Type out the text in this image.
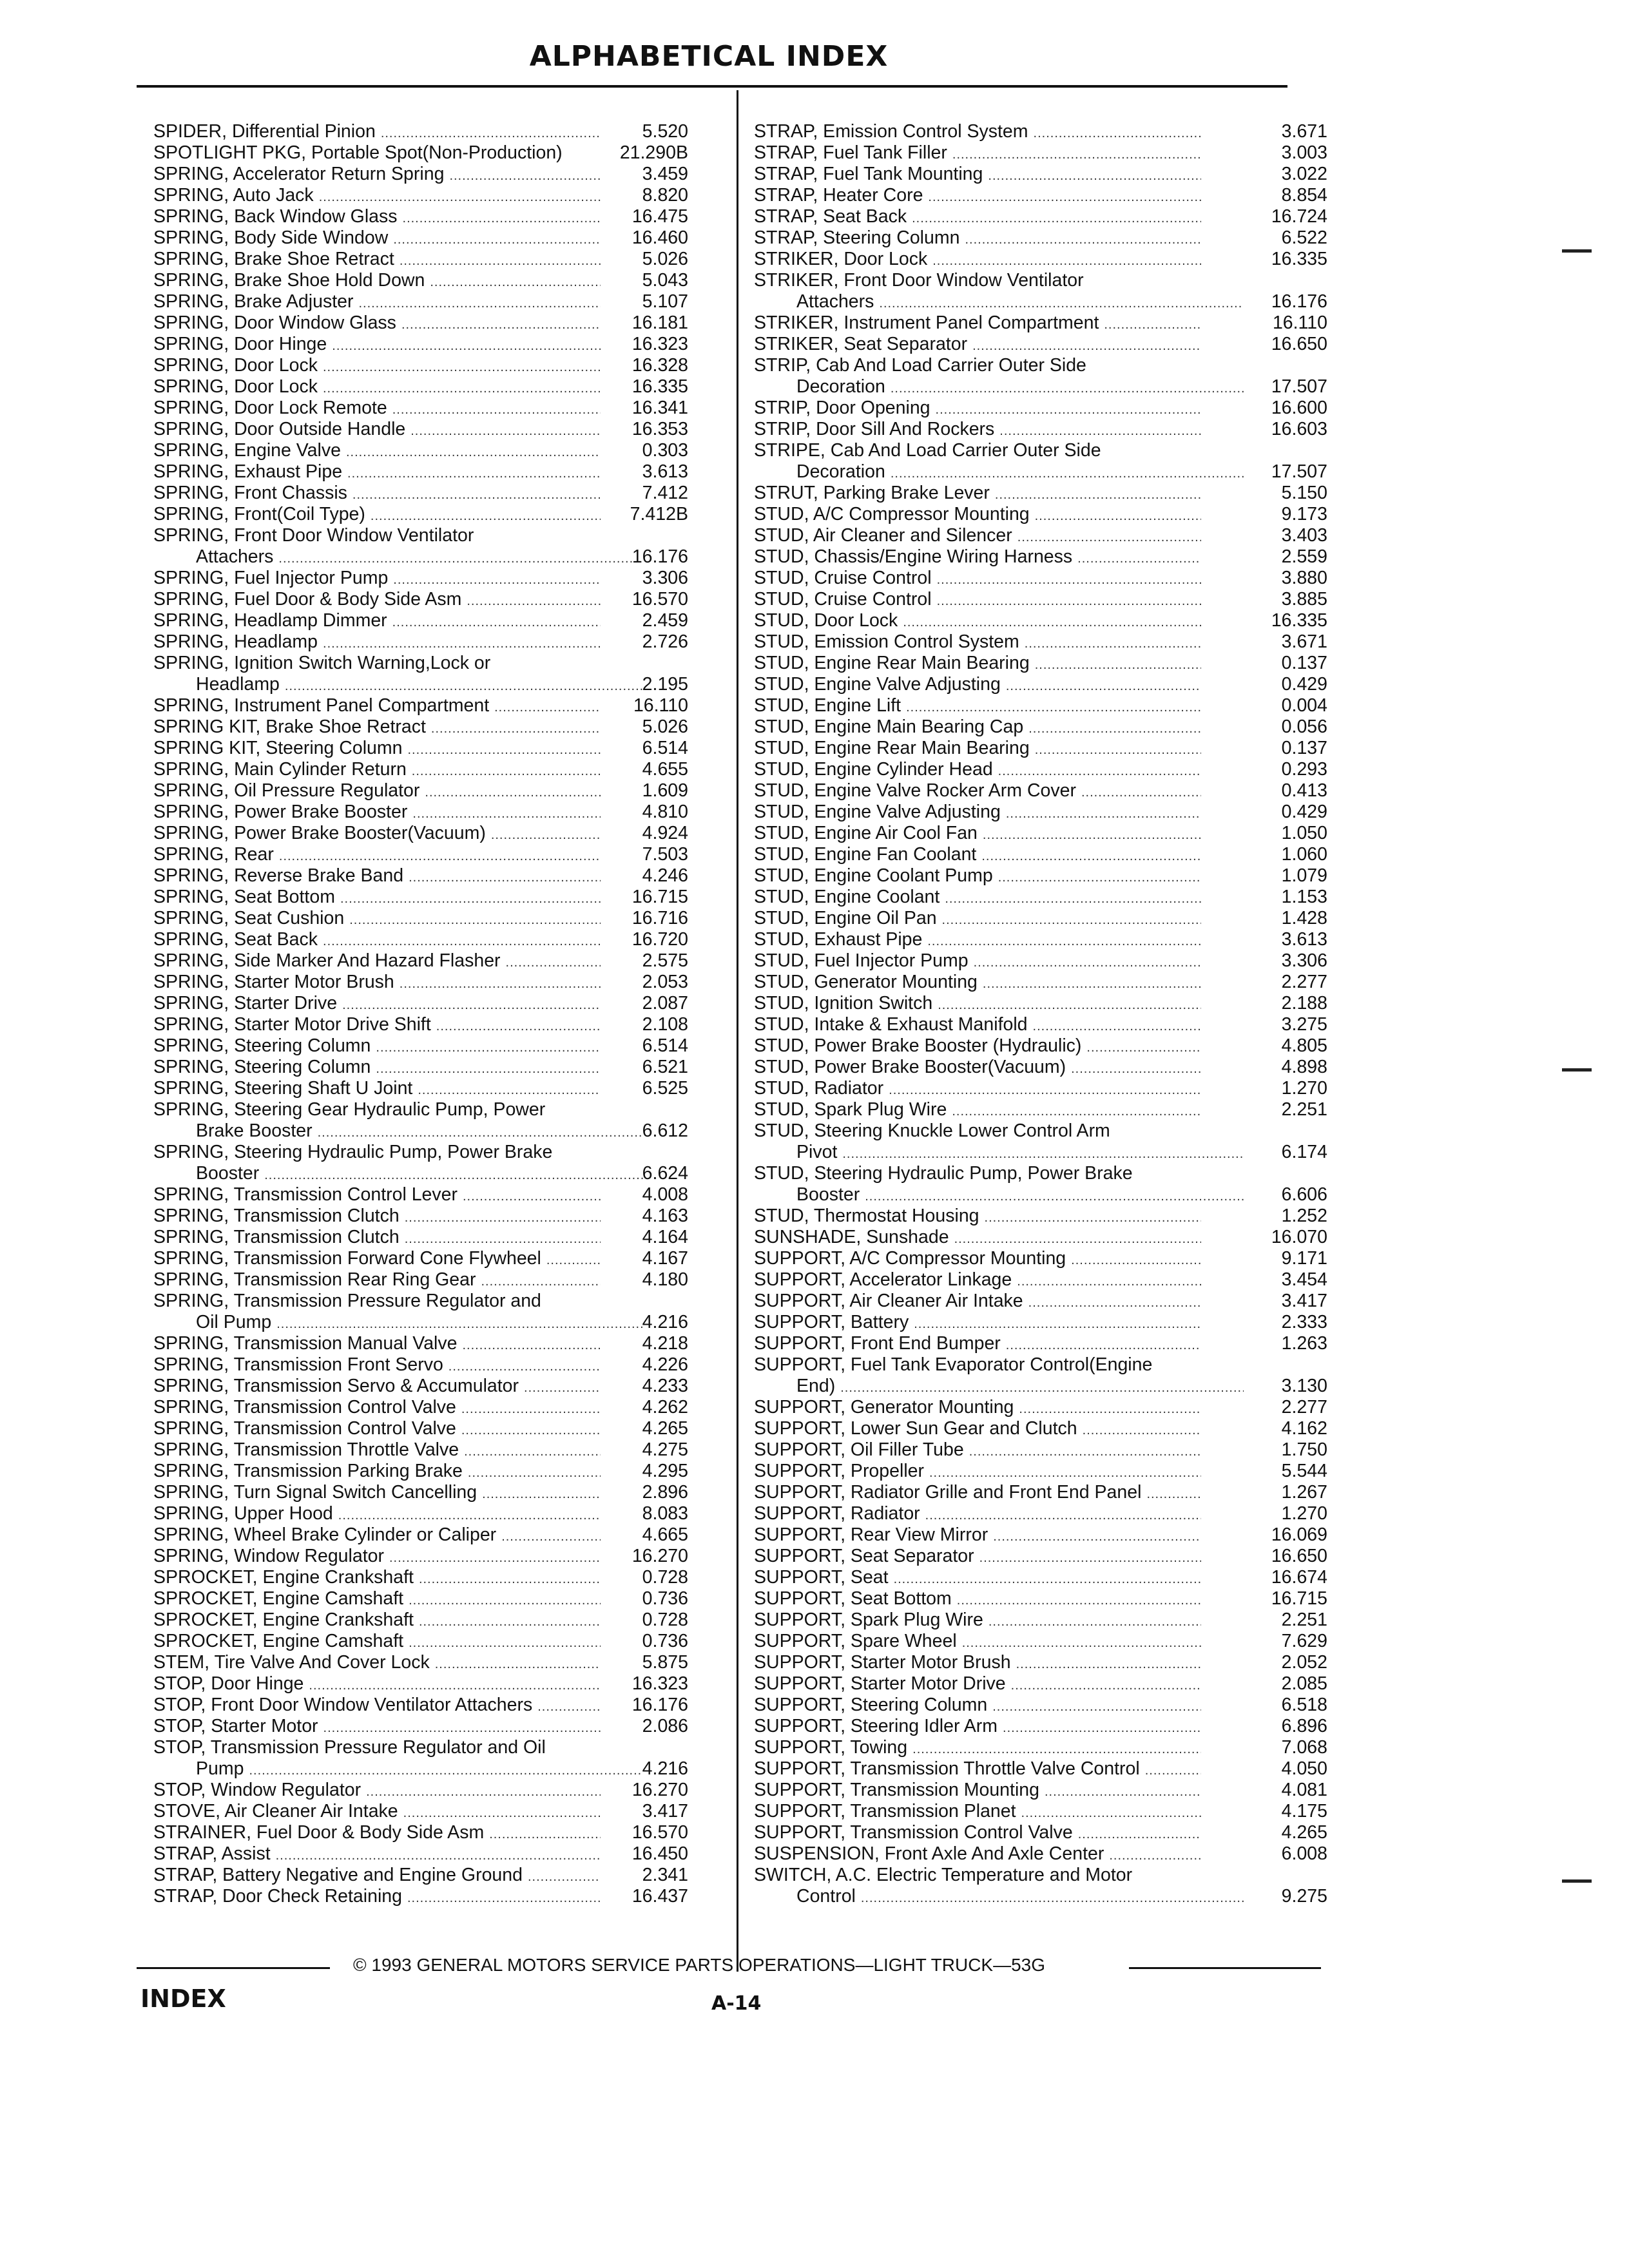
ALPHABETICAL INDEX
SPIDER, Differential Pinion .....	5.520
SPOTLIGHT PKG, Portable Spot(Non-Production)	21.290B
SPRING, Accelerator Return Spring .....	3.459
SPRING, Auto Jack .....	8.820
SPRING, Back Window Glass .....	16.475
SPRING, Body Side Window .....	16.460
SPRING, Brake Shoe Retract .....	5.026
SPRING, Brake Shoe Hold Down .....	5.043
SPRING, Brake Adjuster .....	5.107
SPRING, Door Window Glass .....	16.181
SPRING, Door Hinge .....	16.323
SPRING, Door Lock .....	16.328
SPRING, Door Lock .....	16.335
SPRING, Door Lock Remote .....	16.341
SPRING, Door Outside Handle .....	16.353
SPRING, Engine Valve .....	0.303
SPRING, Exhaust Pipe .....	3.613
SPRING, Front Chassis .....	7.412
SPRING, Front(Coil Type) .....	7.412B
SPRING, Front Door Window Ventilator
Attachers .....	16.176
SPRING, Fuel Injector Pump .....	3.306
SPRING, Fuel Door & Body Side Asm .....	16.570
SPRING, Headlamp Dimmer .....	2.459
SPRING, Headlamp .....	2.726
SPRING, Ignition Switch Warning,Lock or
Headlamp .....	2.195
SPRING, Instrument Panel Compartment .....	16.110
SPRING KIT, Brake Shoe Retract .....	5.026
SPRING KIT, Steering Column .....	6.514
SPRING, Main Cylinder Return .....	4.655
SPRING, Oil Pressure Regulator .....	1.609
SPRING, Power Brake Booster .....	4.810
SPRING, Power Brake Booster(Vacuum) .....	4.924
SPRING, Rear .....	7.503
SPRING, Reverse Brake Band .....	4.246
SPRING, Seat Bottom .....	16.715
SPRING, Seat Cushion .....	16.716
SPRING, Seat Back .....	16.720
SPRING, Side Marker And Hazard Flasher .....	2.575
SPRING, Starter Motor Brush .....	2.053
SPRING, Starter Drive .....	2.087
SPRING, Starter Motor Drive Shift .....	2.108
SPRING, Steering Column .....	6.514
SPRING, Steering Column .....	6.521
SPRING, Steering Shaft U Joint .....	6.525
SPRING, Steering Gear Hydraulic Pump, Power
Brake Booster .....	6.612
SPRING, Steering Hydraulic Pump, Power Brake
Booster .....	6.624
SPRING, Transmission Control Lever .....	4.008
SPRING, Transmission Clutch .....	4.163
SPRING, Transmission Clutch .....	4.164
SPRING, Transmission Forward Cone Flywheel .....	4.167
SPRING, Transmission Rear Ring Gear .....	4.180
SPRING, Transmission Pressure Regulator and
Oil Pump .....	4.216
SPRING, Transmission Manual Valve .....	4.218
SPRING, Transmission Front Servo .....	4.226
SPRING, Transmission Servo & Accumulator .....	4.233
SPRING, Transmission Control Valve .....	4.262
SPRING, Transmission Control Valve .....	4.265
SPRING, Transmission Throttle Valve .....	4.275
SPRING, Transmission Parking Brake .....	4.295
SPRING, Turn Signal Switch Cancelling .....	2.896
SPRING, Upper Hood .....	8.083
SPRING, Wheel Brake Cylinder or Caliper .....	4.665
SPRING, Window Regulator .....	16.270
SPROCKET, Engine Crankshaft .....	0.728
SPROCKET, Engine Camshaft .....	0.736
SPROCKET, Engine Crankshaft .....	0.728
SPROCKET, Engine Camshaft .....	0.736
STEM, Tire Valve And Cover Lock .....	5.875
STOP, Door Hinge .....	16.323
STOP, Front Door Window Ventilator Attachers .....	16.176
STOP, Starter Motor .....	2.086
STOP, Transmission Pressure Regulator and Oil
Pump .....	4.216
STOP, Window Regulator .....	16.270
STOVE, Air Cleaner Air Intake .....	3.417
STRAINER, Fuel Door & Body Side Asm .....	16.570
STRAP, Assist .....	16.450
STRAP, Battery Negative and Engine Ground .....	2.341
STRAP, Door Check Retaining .....	16.437
STRAP, Emission Control System .....	3.671
STRAP, Fuel Tank Filler .....	3.003
STRAP, Fuel Tank Mounting .....	3.022
STRAP, Heater Core .....	8.854
STRAP, Seat Back .....	16.724
STRAP, Steering Column .....	6.522
STRIKER, Door Lock .....	16.335
STRIKER, Front Door Window Ventilator
Attachers .....	16.176
STRIKER, Instrument Panel Compartment .....	16.110
STRIKER, Seat Separator .....	16.650
STRIP, Cab And Load Carrier Outer Side
Decoration .....	17.507
STRIP, Door Opening .....	16.600
STRIP, Door Sill And Rockers .....	16.603
STRIPE, Cab And Load Carrier Outer Side
Decoration .....	17.507
STRUT, Parking Brake Lever .....	5.150
STUD, A/C Compressor Mounting .....	9.173
STUD, Air Cleaner and Silencer .....	3.403
STUD, Chassis/Engine Wiring Harness .....	2.559
STUD, Cruise Control .....	3.880
STUD, Cruise Control .....	3.885
STUD, Door Lock .....	16.335
STUD, Emission Control System .....	3.671
STUD, Engine Rear Main Bearing .....	0.137
STUD, Engine Valve Adjusting .....	0.429
STUD, Engine Lift .....	0.004
STUD, Engine Main Bearing Cap .....	0.056
STUD, Engine Rear Main Bearing .....	0.137
STUD, Engine Cylinder Head .....	0.293
STUD, Engine Valve Rocker Arm Cover .....	0.413
STUD, Engine Valve Adjusting .....	0.429
STUD, Engine Air Cool Fan .....	1.050
STUD, Engine Fan Coolant .....	1.060
STUD, Engine Coolant Pump .....	1.079
STUD, Engine Coolant .....	1.153
STUD, Engine Oil Pan .....	1.428
STUD, Exhaust Pipe .....	3.613
STUD, Fuel Injector Pump .....	3.306
STUD, Generator Mounting .....	2.277
STUD, Ignition Switch .....	2.188
STUD, Intake & Exhaust Manifold .....	3.275
STUD, Power Brake Booster (Hydraulic) .....	4.805
STUD, Power Brake Booster(Vacuum) .....	4.898
STUD, Radiator .....	1.270
STUD, Spark Plug Wire .....	2.251
STUD, Steering Knuckle Lower Control Arm
Pivot .....	6.174
STUD, Steering Hydraulic Pump, Power Brake
Booster .....	6.606
STUD, Thermostat Housing .....	1.252
SUNSHADE, Sunshade .....	16.070
SUPPORT, A/C Compressor Mounting .....	9.171
SUPPORT, Accelerator Linkage .....	3.454
SUPPORT, Air Cleaner Air Intake .....	3.417
SUPPORT, Battery .....	2.333
SUPPORT, Front End Bumper .....	1.263
SUPPORT, Fuel Tank Evaporator Control(Engine
End) .....	3.130
SUPPORT, Generator Mounting .....	2.277
SUPPORT, Lower Sun Gear and Clutch .....	4.162
SUPPORT, Oil Filler Tube .....	1.750
SUPPORT, Propeller .....	5.544
SUPPORT, Radiator Grille and Front End Panel .....	1.267
SUPPORT, Radiator .....	1.270
SUPPORT, Rear View Mirror .....	16.069
SUPPORT, Seat Separator .....	16.650
SUPPORT, Seat .....	16.674
SUPPORT, Seat Bottom .....	16.715
SUPPORT, Spark Plug Wire .....	2.251
SUPPORT, Spare Wheel .....	7.629
SUPPORT, Starter Motor Brush .....	2.052
SUPPORT, Starter Motor Drive .....	2.085
SUPPORT, Steering Column .....	6.518
SUPPORT, Steering Idler Arm .....	6.896
SUPPORT, Towing .....	7.068
SUPPORT, Transmission Throttle Valve Control .....	4.050
SUPPORT, Transmission Mounting .....	4.081
SUPPORT, Transmission Planet .....	4.175
SUPPORT, Transmission Control Valve .....	4.265
SUSPENSION, Front Axle And Axle Center .....	6.008
SWITCH, A.C. Electric Temperature and Motor
Control .....	9.275
© 1993 GENERAL MOTORS SERVICE PARTS OPERATIONS—LIGHT TRUCK—53G
INDEX	A-14
